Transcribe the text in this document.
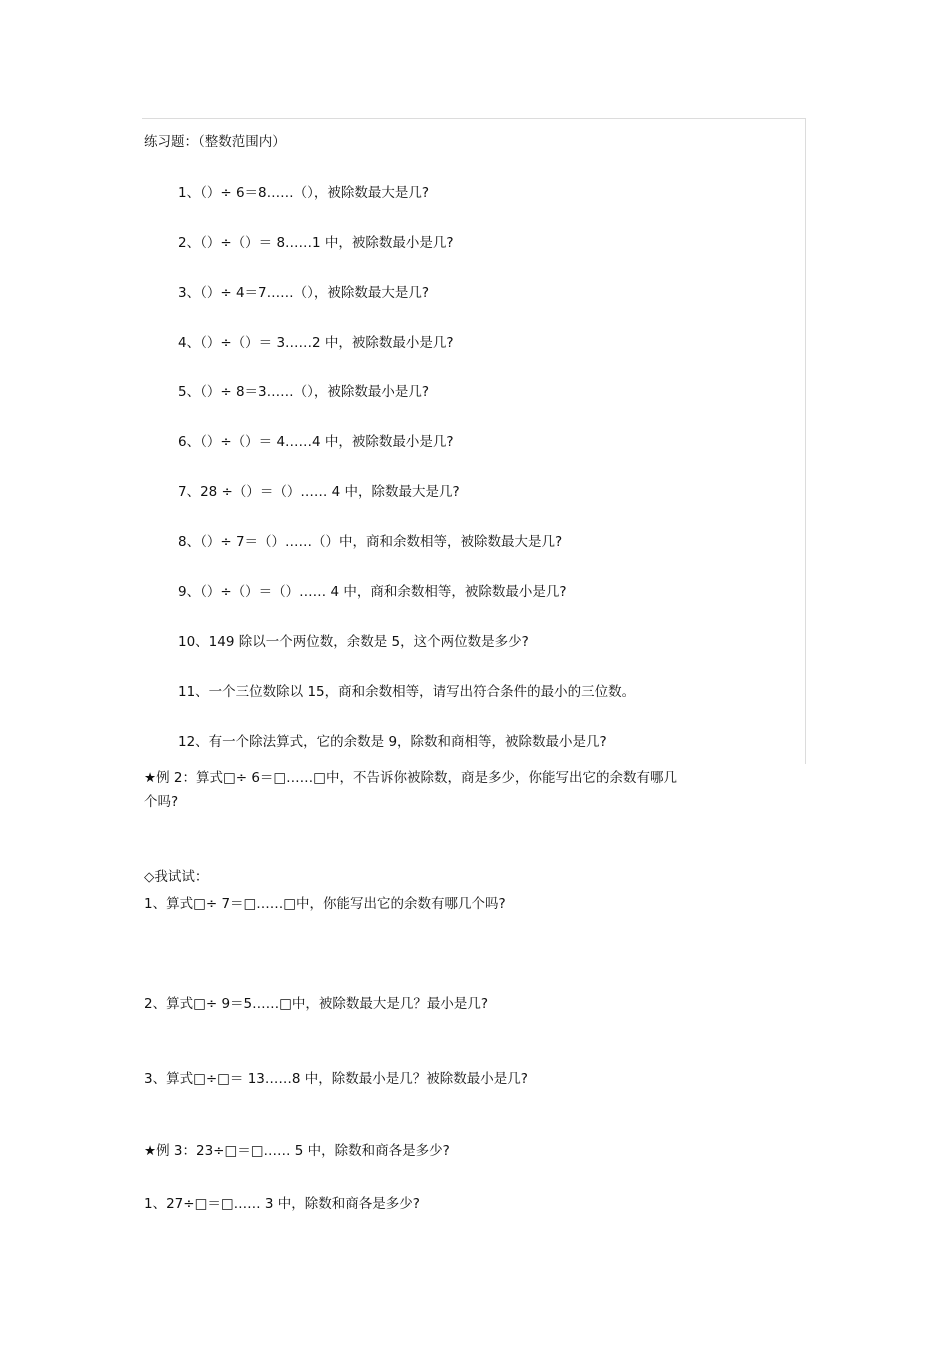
练习题：（整数范围内）
1、（）÷ 6＝8……（），被除数最大是几?
2、（）÷（）＝ 8……1 中，被除数最小是几?
3、（）÷ 4＝7……（），被除数最大是几?
4、（）÷（）＝ 3……2 中，被除数最小是几?
5、（）÷ 8＝3……（），被除数最小是几?
6、（）÷（）＝ 4……4 中，被除数最小是几?
7、28 ÷（）＝（）…… 4 中，除数最大是几?
8、（）÷ 7＝（）……（）中，商和余数相等，被除数最大是几?
9、（）÷（）＝（）…… 4 中，商和余数相等，被除数最小是几?
10、149 除以一个两位数，余数是 5，这个两位数是多少?
11、一个三位数除以 15，商和余数相等，请写出符合条件的最小的三位数。
12、有一个除法算式，它的余数是 9，除数和商相等，被除数最小是几?
★例 2：算式□÷ 6＝□……□中，不告诉你被除数，商是多少，你能写出它的余数有哪几
个吗?
◇我试试：
1、算式□÷ 7＝□……□中，你能写出它的余数有哪几个吗?
2、算式□÷ 9＝5……□中，被除数最大是几？最小是几?
3、算式□÷□＝ 13……8 中，除数最小是几？被除数最小是几?
★例 3：23÷□＝□…… 5 中，除数和商各是多少?
1、27÷□＝□…… 3 中，除数和商各是多少?
